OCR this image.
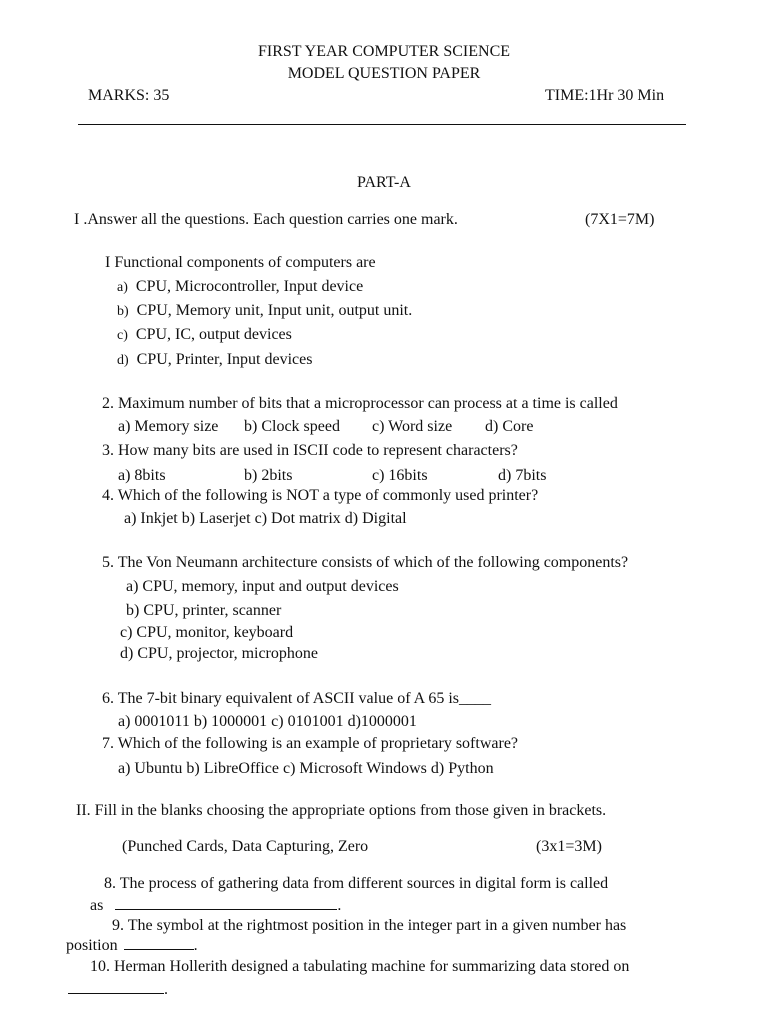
FIRST YEAR COMPUTER SCIENCE
MODEL QUESTION PAPER
MARKS: 35	TIME:1Hr 30 Min
PART-A
I .Answer all the questions. Each question carries one mark.	(7X1=7M)
I Functional components of computers are
a) CPU, Microcontroller, Input device
b) CPU, Memory unit, Input unit, output unit.
c) CPU, IC, output devices
d) CPU, Printer, Input devices
2. Maximum number of bits that a microprocessor can process at a time is called
a) Memory size b) Clock speed c) Word size d) Core
3. How many bits are used in ISCII code to represent characters?
a) 8bits	b) 2bits	c) 16bits	d) 7bits
4. Which of the following is NOT a type of commonly used printer?
a) Inkjet b) Laserjet c) Dot matrix d) Digital
5. The Von Neumann architecture consists of which of the following components?
a) CPU, memory, input and output devices
b) CPU, printer, scanner
c) CPU, monitor, keyboard
d) CPU, projector, microphone
6. The 7-bit binary equivalent of ASCII value of A 65 is____
a) 0001011 b) 1000001 c) 0101001 d)1000001
7. Which of the following is an example of proprietary software?
a) Ubuntu b) LibreOffice c) Microsoft Windows d) Python
II. Fill in the blanks choosing the appropriate options from those given in brackets.
(Punched Cards, Data Capturing, Zero	(3x1=3M)
8. The process of gathering data from different sources in digital form is called
as	.
9. The symbol at the rightmost position in the integer part in a given number has
position	.
10. Herman Hollerith designed a tabulating machine for summarizing data stored on
.
